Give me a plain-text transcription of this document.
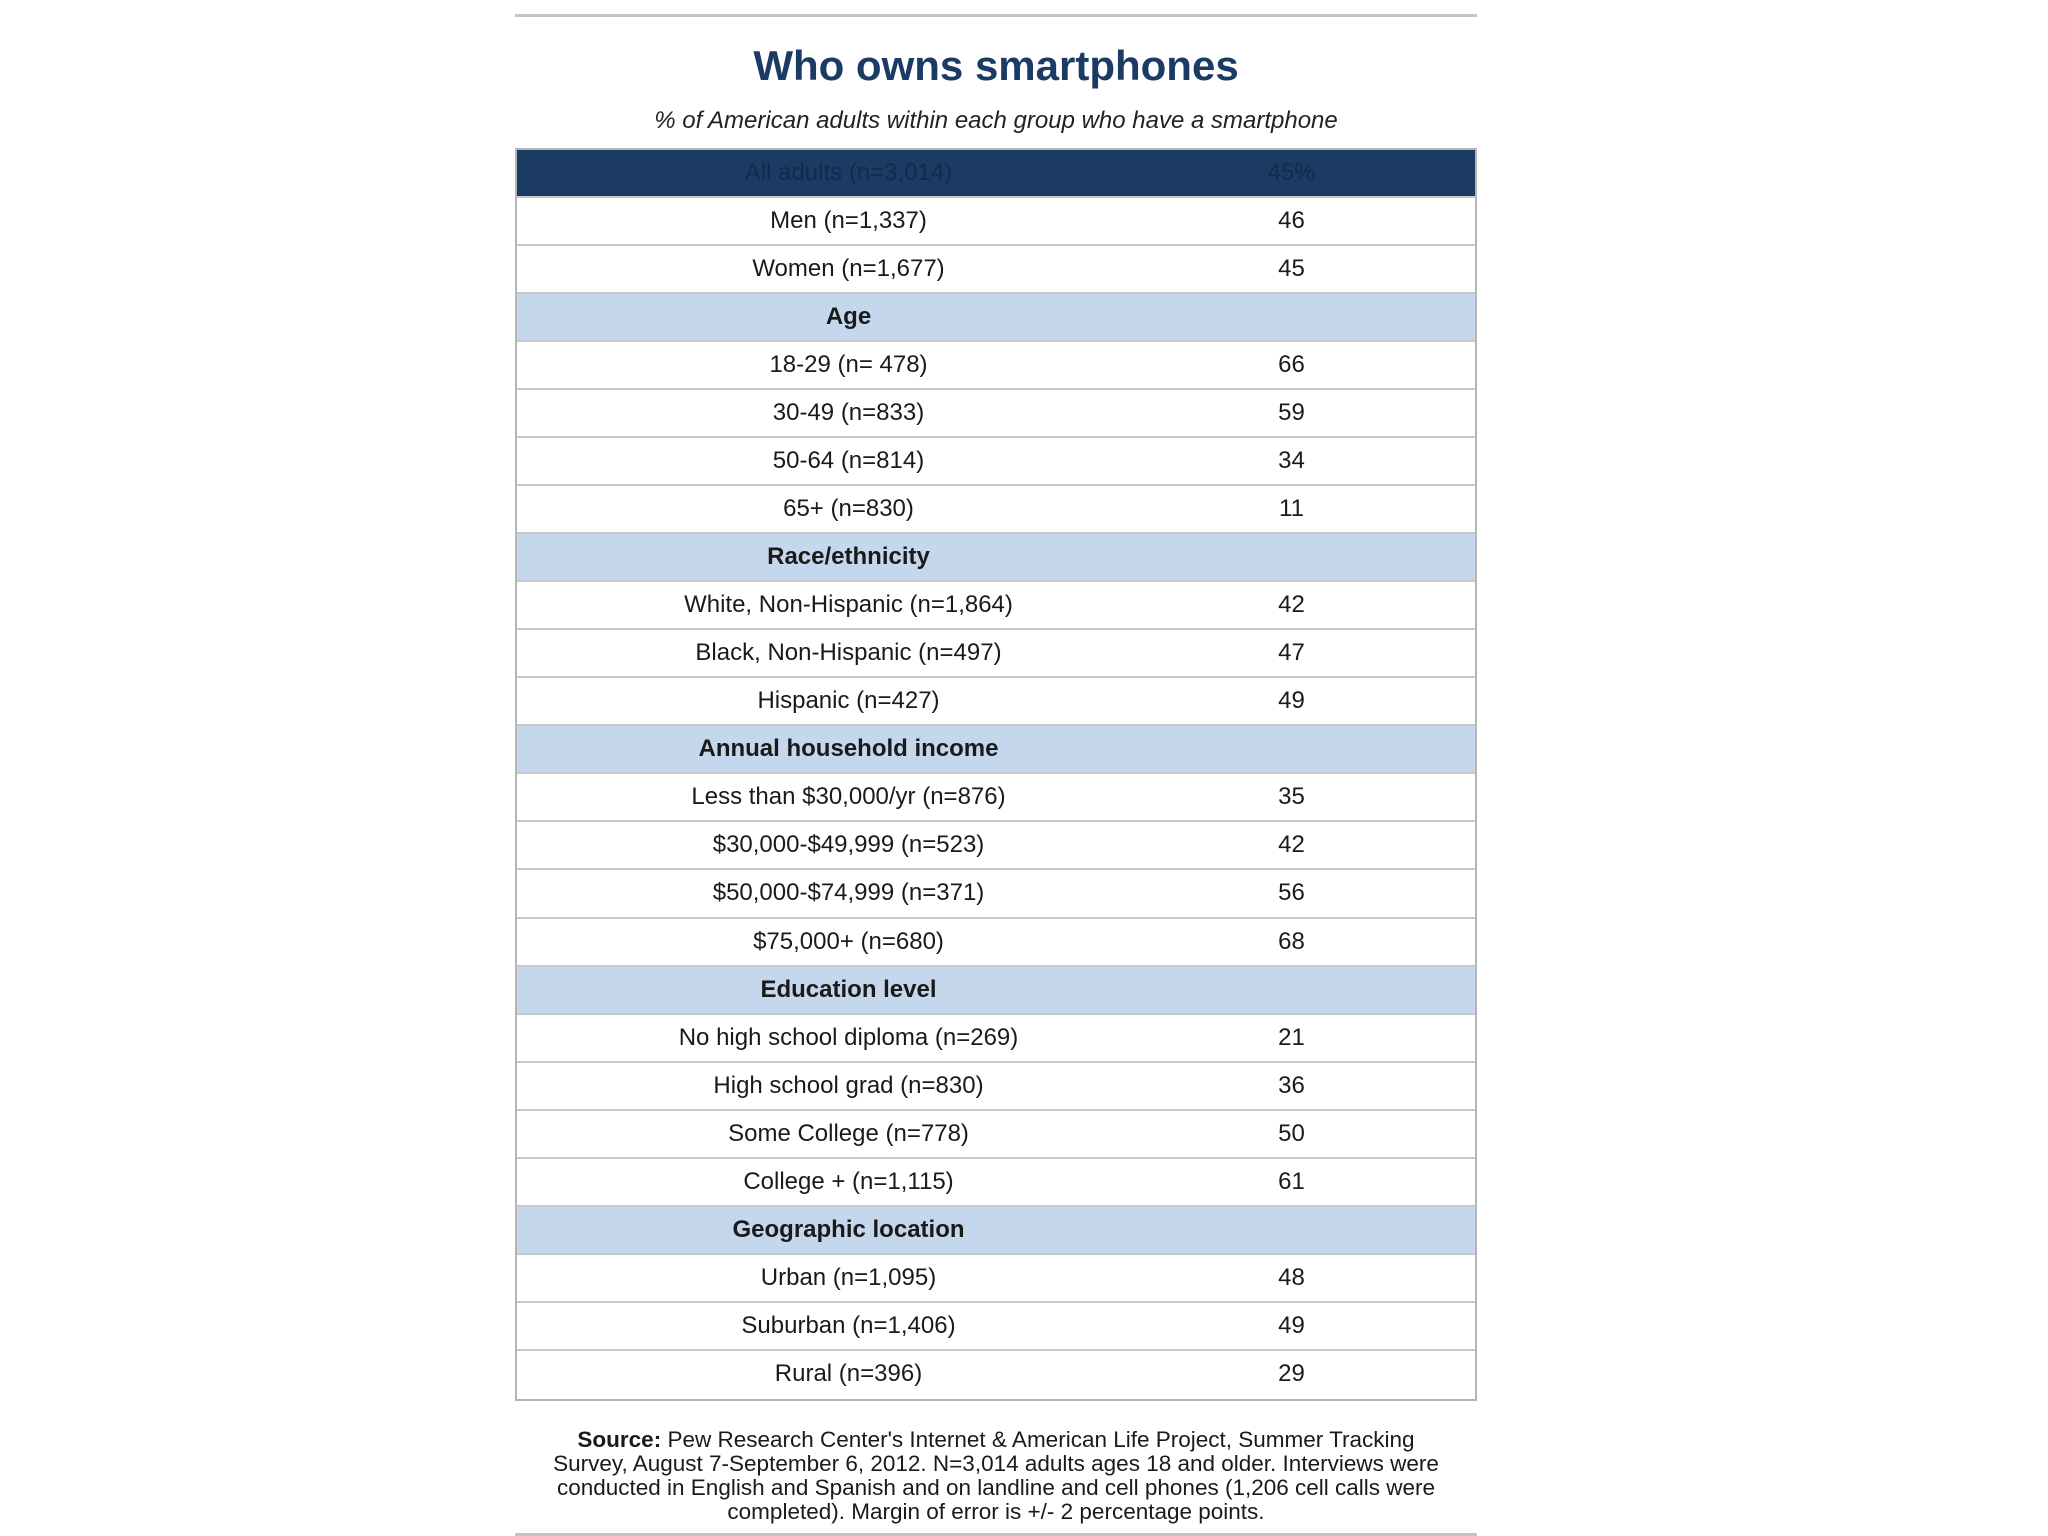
Who owns smartphones
% of American adults within each group who have a smartphone
All adults (n=3,014)	45%
Men (n=1,337)	46
Women (n=1,677)	45
Age
18-29 (n= 478)	66
30-49 (n=833)	59
50-64 (n=814)	34
65+ (n=830)	11
Race/ethnicity
White, Non-Hispanic (n=1,864)	42
Black, Non-Hispanic (n=497)	47
Hispanic (n=427)	49
Annual household income
Less than $30,000/yr (n=876)	35
$30,000-$49,999 (n=523)	42
$50,000-$74,999 (n=371)	56
$75,000+ (n=680)	68
Education level
No high school diploma (n=269)	21
High school grad (n=830)	36
Some College (n=778)	50
College + (n=1,115)	61
Geographic location
Urban (n=1,095)	48
Suburban (n=1,406)	49
Rural (n=396)	29
Source: Pew Research Center's Internet & American Life Project, Summer Tracking Survey, August 7-September 6, 2012. N=3,014 adults ages 18 and older. Interviews were conducted in English and Spanish and on landline and cell phones (1,206 cell calls were completed). Margin of error is +/- 2 percentage points.
